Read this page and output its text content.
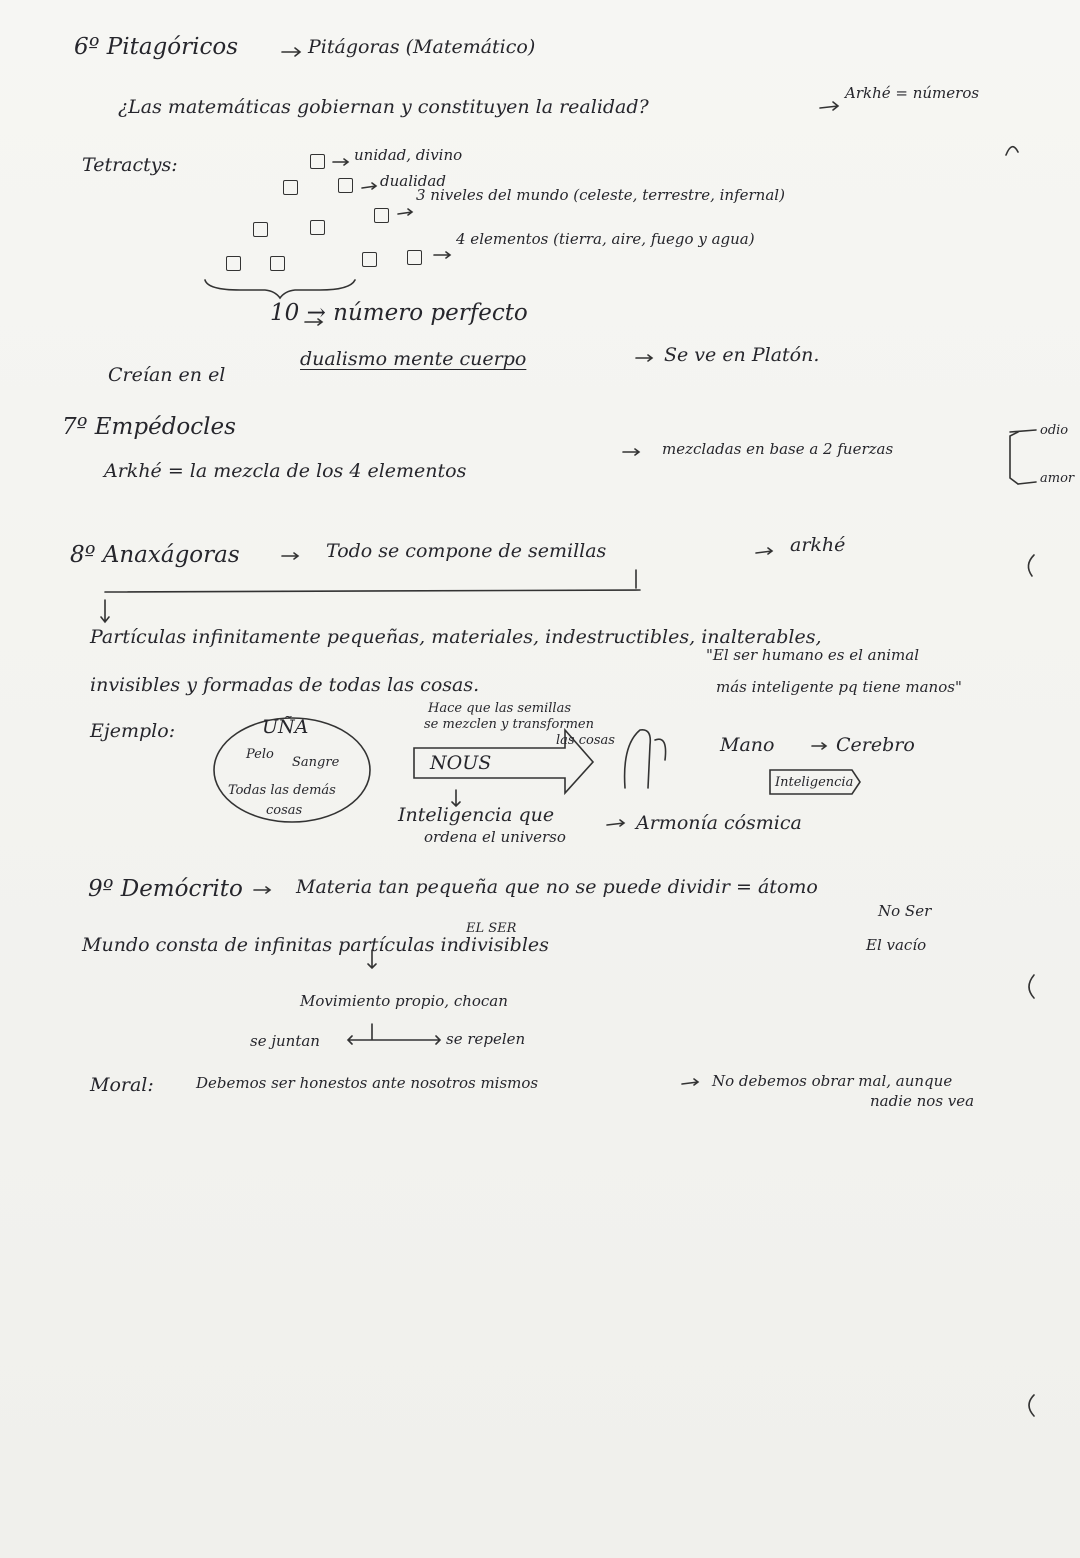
6º Pitagóricos	Pitágoras (Matemático)
¿Las matemáticas gobiernan y constituyen la realidad?
Arkhé = números
Tetractys:	unidad, divino
dualidad
3 niveles del mundo (celeste, terrestre, infernal)
4 elementos (tierra, aire, fuego y agua)
10 → número perfecto
Creían en el
dualismo mente cuerpo	Se ve en Platón.
7º Empédocles
Arkhé = la mezcla de los 4 elementos
mezcladas en base a 2 fuerzas
odio
amor
8º Anaxágoras	Todo se compone de semillas	arkhé
Partículas infinitamente pequeñas, materiales, indestructibles, inalterables,
invisibles y formadas de todas las cosas.
"El ser humano es el animal
más inteligente pq tiene manos"
Ejemplo:	UÑA
Pelo
Sangre
Todas las demás
cosas
Hace que las semillas
se mezclen y transformen
las cosas
NOUS
Mano	Cerebro
Inteligencia
Inteligencia que
ordena el universo
Armonía cósmica
9º Demócrito	Materia tan pequeña que no se puede dividir = átomo
No Ser
El vacío
EL SER
Mundo consta de infinitas partículas indivisibles
Movimiento propio, chocan
se juntan	se repelen
Moral:	Debemos ser honestos ante nosotros mismos	No debemos obrar mal, aunque
nadie nos vea
